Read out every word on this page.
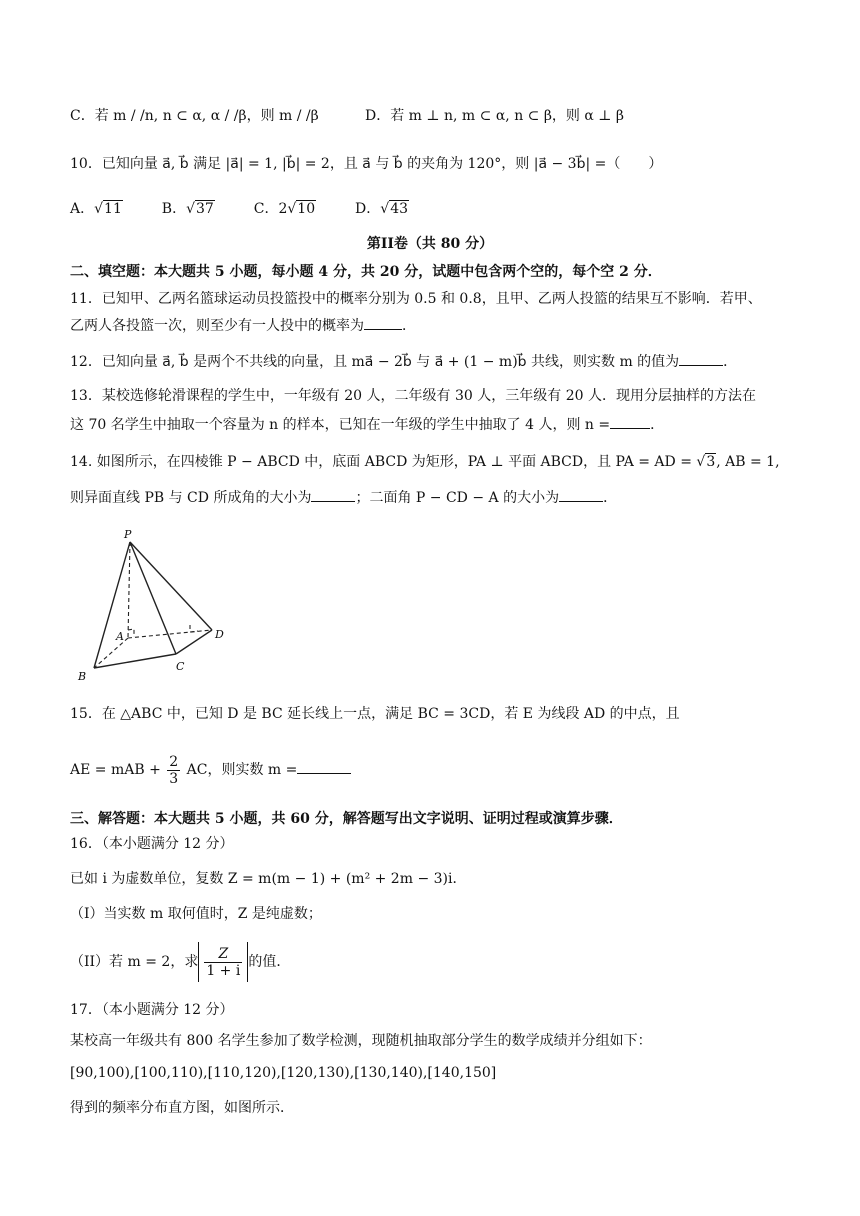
C．若 m / /n, n ⊂ α, α / /β，则 m / /β	D．若 m ⊥ n, m ⊂ α, n ⊂ β，则 α ⊥ β
10．已知向量 a⃗, b⃗ 满足 |a⃗| = 1, |b⃗| = 2，且 a⃗ 与 b⃗ 的夹角为 120°，则 |a⃗ − 3b⃗| =（　　）
A．√11	B．√37	C．2√10	D．√43
第II卷（共 80 分）
二、填空题：本大题共 5 小题，每小题 4 分，共 20 分，试题中包含两个空的，每个空 2 分．
11．已知甲、乙两名篮球运动员投篮投中的概率分别为 0.5 和 0.8，且甲、乙两人投篮的结果互不影响．若甲、
乙两人各投篮一次，则至少有一人投中的概率为	．
12．已知向量 a⃗, b⃗ 是两个不共线的向量，且 ma⃗ − 2b⃗ 与 a⃗ + (1 − m)b⃗ 共线，则实数 m 的值为	．
13．某校选修轮滑课程的学生中，一年级有 20 人，二年级有 30 人，三年级有 20 人．现用分层抽样的方法在
这 70 名学生中抽取一个容量为 n 的样本，已知在一年级的学生中抽取了 4 人，则 n =	．
14. 如图所示，在四棱锥 P − ABCD 中，底面 ABCD 为矩形，PA ⊥ 平面 ABCD，且 PA = AD = √3, AB = 1,
则异面直线 PB 与 CD 所成角的大小为	；二面角 P − CD − A 的大小为	．
P
A
B
C
D
15．在 △ABC 中，已知 D 是 BC 延长线上一点，满足 BC = 3CD，若 E 为线段 AD 的中点，且
AE = mAB + $\frac{2}{3}$ AC，则实数 m =
三、解答题：本大题共 5 小题，共 60 分，解答题写出文字说明、证明过程或演算步骤．
16．（本小题满分 12 分）
已如 i 为虚数单位，复数 Z = m(m − 1) + (m² + 2m − 3)i．
（I）当实数 m 取何值时，Z 是纯虚数；
（II）若 m = 2，求 $\frac{Z}{1 + i}$ 的值．
17．（本小题满分 12 分）
某校高一年级共有 800 名学生参加了数学检测，现随机抽取部分学生的数学成绩并分组如下：
[90,100),[100,110),[110,120),[120,130),[130,140),[140,150]
得到的频率分布直方图，如图所示．
